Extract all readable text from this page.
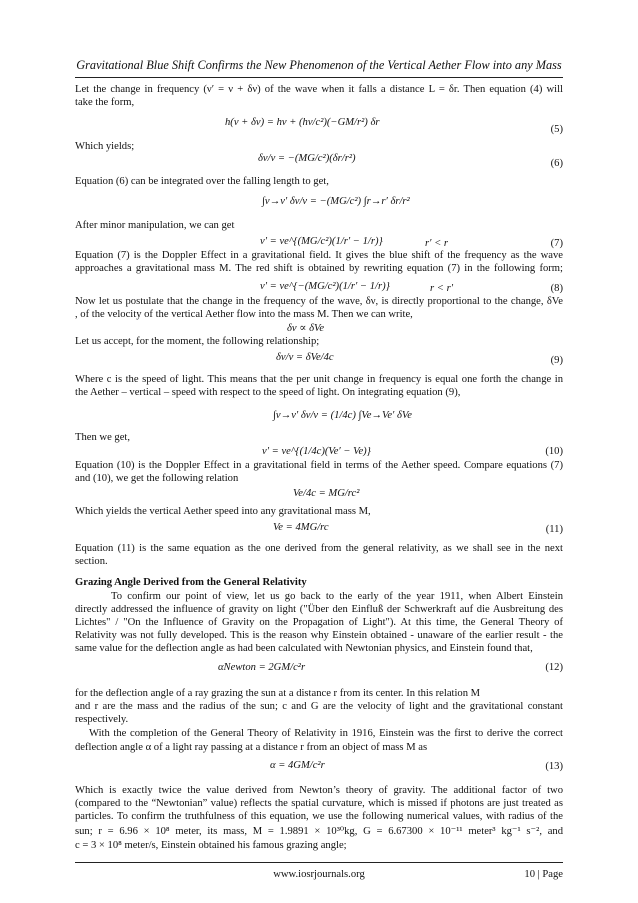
Gravitational Blue Shift Confirms the New Phenomenon of the Vertical Aether Flow into any Mass
Let the change in frequency (ν′ = ν + δν) of the wave when it falls a distance L = δr. Then equation (4) will
take the form,
h(ν + δν) = hν + (hν/c²)(−GM/r²) δr
(5)
Which yields;
δν/ν = −(MG/c²)(δr/r²)	(6)
Equation (6) can be integrated over the falling length to get,
∫ν→ν′ δν/ν = −(MG/c²) ∫r→r′ δr/r²
After minor manipulation, we can get
ν′ = νe^{(MG/c²)(1/r′ − 1/r)}	r′ < r	(7)
Equation (7) is the Doppler Effect in a gravitational field. It gives the blue shift of the frequency as the wave
approaches a gravitational mass M. The red shift is obtained by rewriting equation (7) in the following form;
ν′ = νe^{−(MG/c²)(1/r′ − 1/r)}	r < r′	(8)
Now let us postulate that the change in the frequency of the wave, δν, is directly proportional to the change, δVe
, of the velocity of the vertical Aether flow into the mass M. Then we can write,
δν ∝ δVe
Let us accept, for the moment, the following relationship;
δν/ν = δVe/4c	(9)
Where c is the speed of light. This means that the per unit change in frequency is equal one forth the change in
the Aether – vertical – speed with respect to the speed of light. On integrating equation (9),
∫ν→ν′ δν/ν = (1/4c) ∫Ve→Ve′ δVe
Then we get,
ν′ = νe^{(1/4c)(Ve′ − Ve)}	(10)
Equation (10) is the Doppler Effect in a gravitational field in terms of the Aether speed. Compare equations (7)
and (10), we get the following relation
Ve/4c = MG/rc²
Which yields the vertical Aether speed into any gravitational mass M,
Ve = 4MG/rc	(11)
Equation (11) is the same equation as the one derived from the general relativity, as we shall see in the next
section.
Grazing Angle Derived from the General Relativity
To confirm our point of view, let us go back to the early of the year 1911, when Albert Einstein
directly addressed the influence of gravity on light ("Über den Einfluß der Schwerkraft auf die Ausbreitung des
Lichtes" / "On the Influence of Gravity on the Propagation of Light"). At this time, the General Theory of
Relativity was not fully developed. This is the reason why Einstein obtained - unaware of the earlier result - the
same value for the deflection angle as had been calculated with Newtonian physics, and Einstein found that,
αNewton = 2GM/c²r	(12)
for the deflection angle of a ray grazing the sun at a distance r from its center. In this relation M
and r are the mass and the radius of the sun; c and G are the velocity of light and the gravitational constant
respectively.
With the completion of the General Theory of Relativity in 1916, Einstein was the first to derive the correct
deflection angle α of a light ray passing at a distance r from an object of mass M as
α = 4GM/c²r	(13)
Which is exactly twice the value derived from Newton’s theory of gravity. The additional factor of two
(compared to the “Newtonian” value) reflects the spatial curvature, which is missed if photons are just treated as
particles. To confirm the truthfulness of this equation, we use the following numerical values, with radius of the
sun; r = 6.96 × 10⁸ meter, its mass, M = 1.9891 × 10³⁰kg, G = 6.67300 × 10⁻¹¹ meter³ kg⁻¹ s⁻², and
c = 3 × 10⁸ meter/s, Einstein obtained his famous grazing angle;
www.iosrjournals.org	10 | Page
